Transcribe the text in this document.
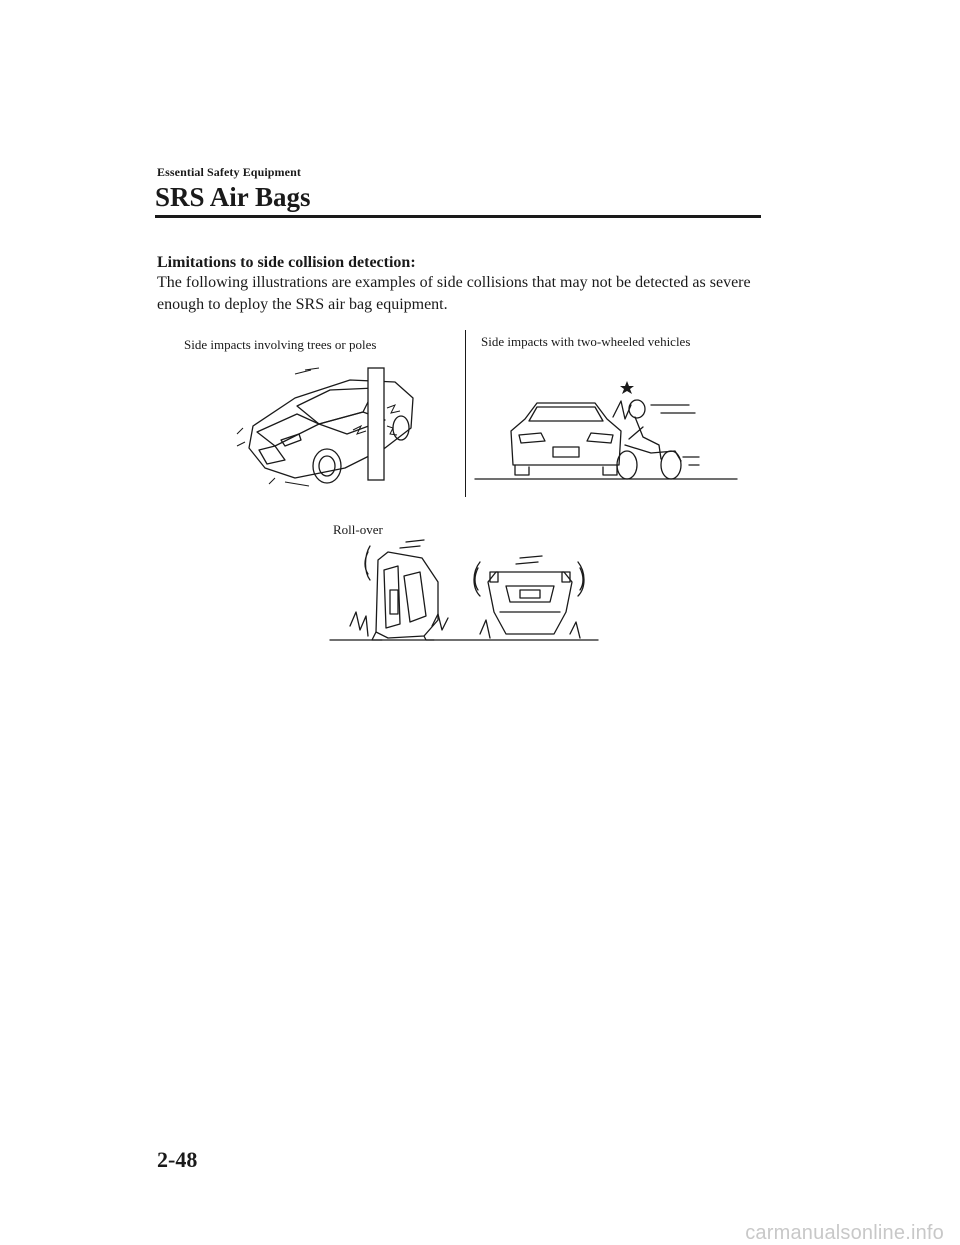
Essential Safety Equipment
SRS Air Bags
Limitations to side collision detection:

The following illustrations are examples of side collisions that may not be detected as severe enough to deploy the SRS air bag equipment.

Side impacts involving trees or poles	Side impacts with two-wheeled vehicles
Roll-over
2-48
carmanualsonline.info
